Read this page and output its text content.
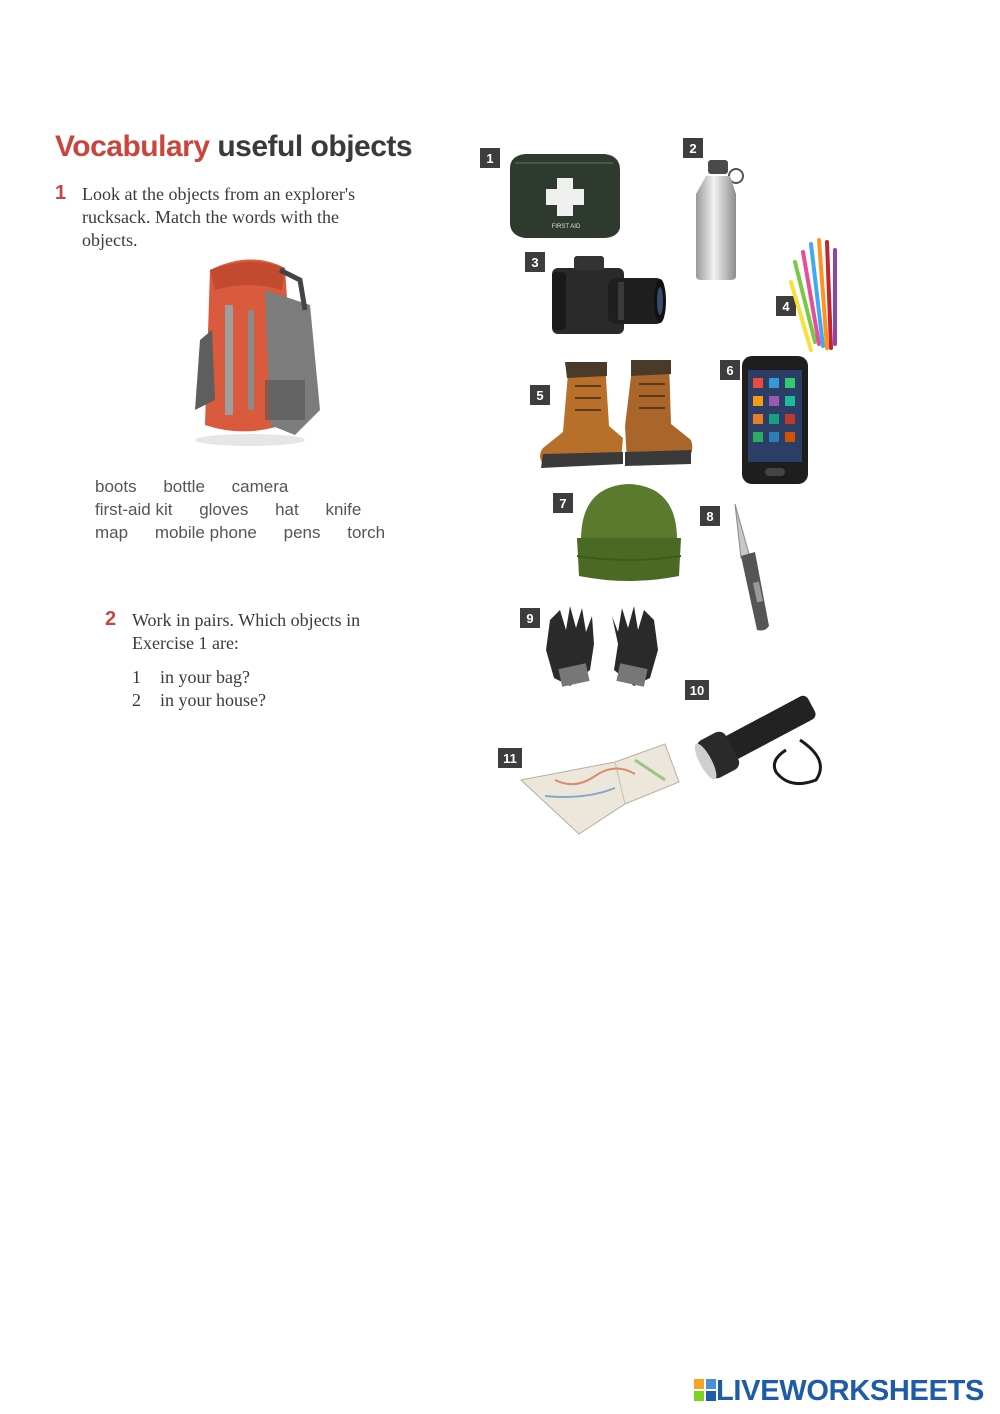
Vocabulary useful objects
1 Look at the objects from an explorer's
rucksack. Match the words with the
objects.
boots bottle camera
first-aid kit gloves hat knife
map mobile phone pens torch
2 Work in pairs. Which objects in
Exercise 1 are:
1 in your bag?
2 in your house?
1
FIRST AID
2
3
4
5
6
7
8
9
10
11
LIVEWORKSHEETS
